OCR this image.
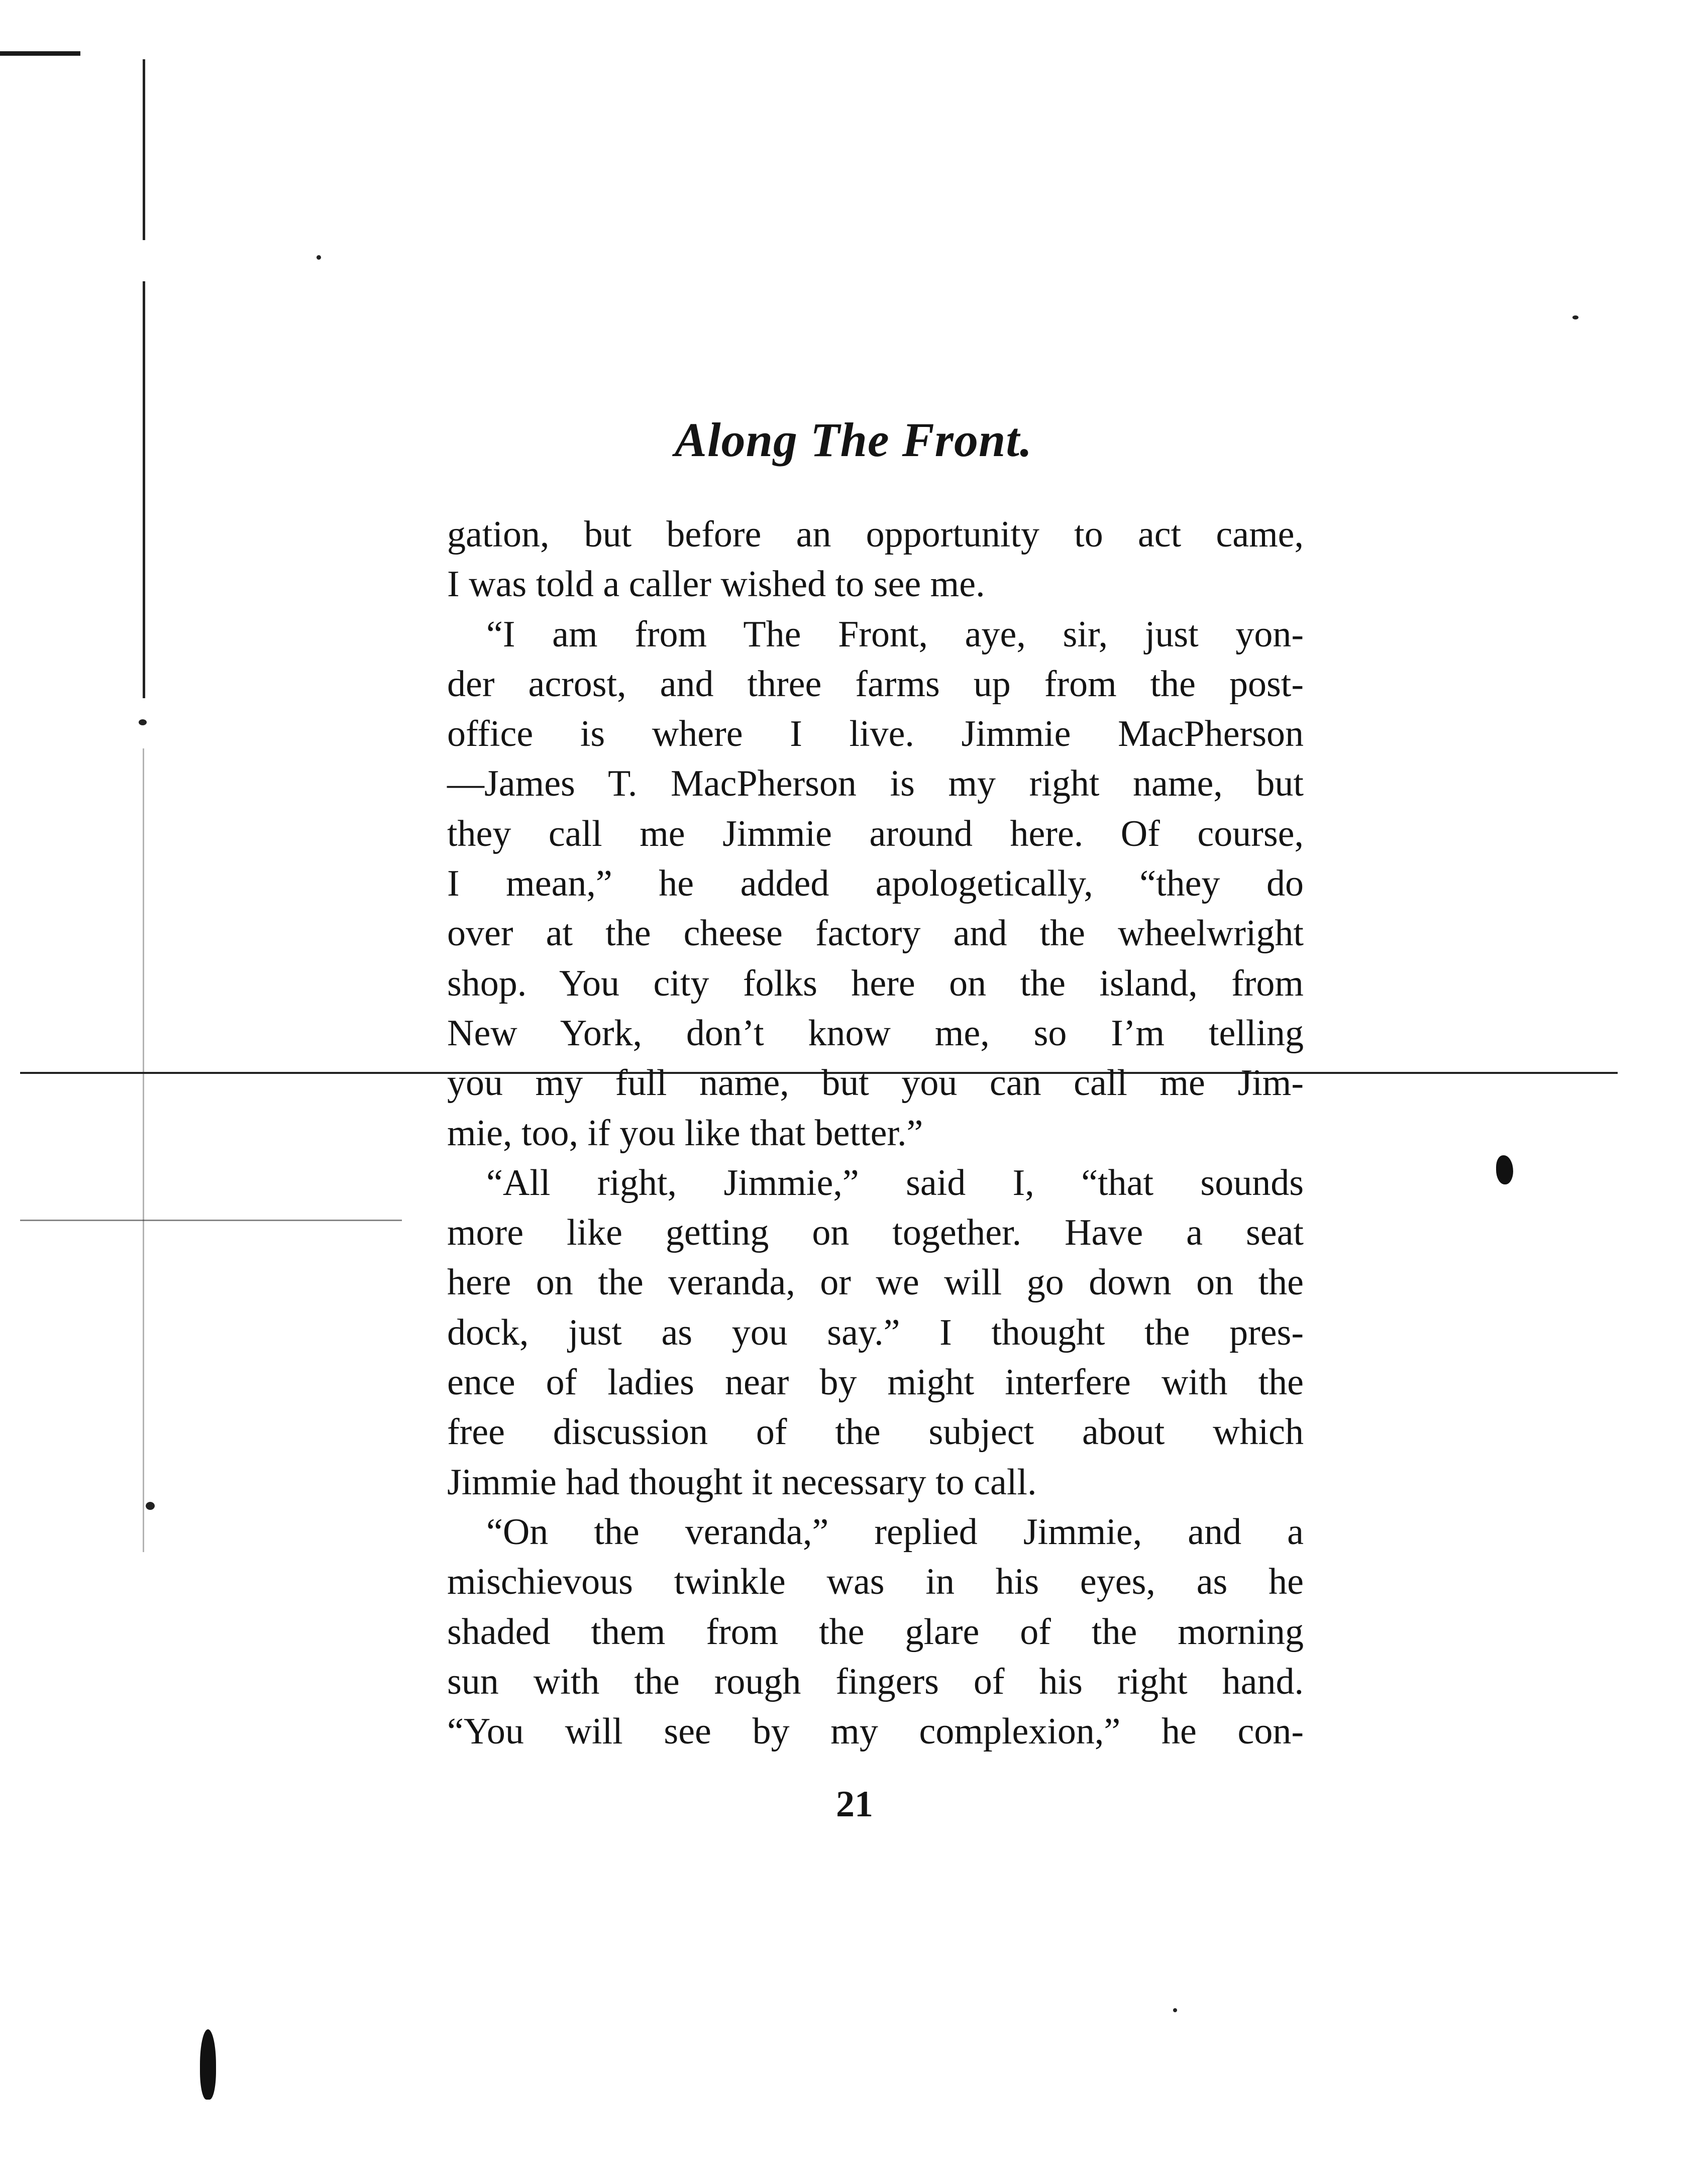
Along The Front.
gation, but before an opportunity to act came,
I was told a caller wished to see me.
“I am from The Front, aye, sir, just yon-
der acrost, and three farms up from the post-
office is where I live. Jimmie MacPherson
—James T. MacPherson is my right name, but
they call me Jimmie around here. Of course,
I mean,” he added apologetically, “they do
over at the cheese factory and the wheelwright
shop. You city folks here on the island, from
New York, don’t know me, so I’m telling
you my full name, but you can call me Jim-
mie, too, if you like that better.”
“All right, Jimmie,” said I, “that sounds
more like getting on together. Have a seat
here on the veranda, or we will go down on the
dock, just as you say.” I thought the pres-
ence of ladies near by might interfere with the
free discussion of the subject about which
Jimmie had thought it necessary to call.
“On the veranda,” replied Jimmie, and a
mischievous twinkle was in his eyes, as he
shaded them from the glare of the morning
sun with the rough fingers of his right hand.
“You will see by my complexion,” he con-
21
